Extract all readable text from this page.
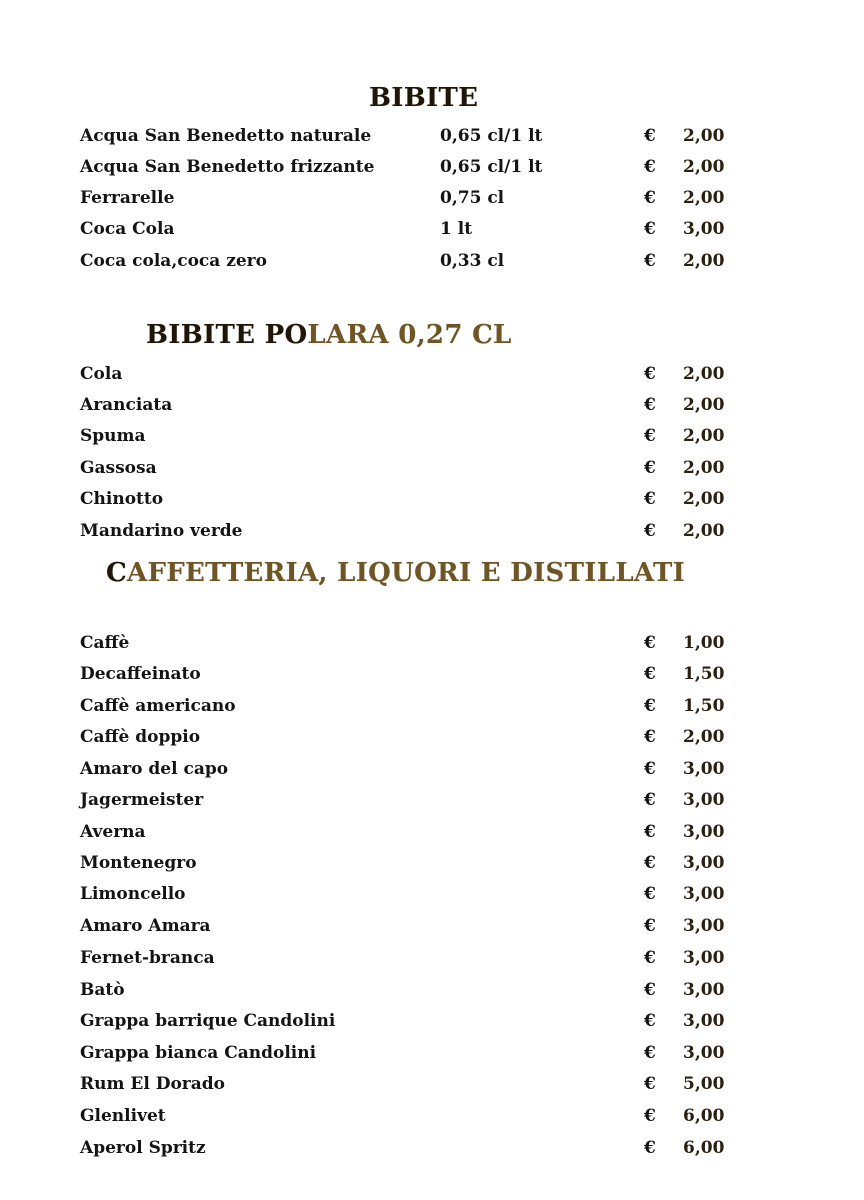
BIBITE
Acqua San Benedetto naturale	0,65 cl/1 lt	€ 2,00
Acqua San Benedetto frizzante	0,65 cl/1 lt	€ 2,00
Ferrarelle	0,75 cl	€ 2,00
Coca Cola	1 lt	€ 3,00
Coca cola,coca zero	0,33 cl	€ 2,00
BIBITE POLARA 0,27 CL
Cola	€ 2,00
Aranciata	€ 2,00
Spuma	€ 2,00
Gassosa	€ 2,00
Chinotto	€ 2,00
Mandarino verde	€ 2,00
CAFFETTERIA, LIQUORI E DISTILLATI
Caffè	€ 1,00
Decaffeinato	€ 1,50
Caffè americano	€ 1,50
Caffè doppio	€ 2,00
Amaro del capo	€ 3,00
Jagermeister	€ 3,00
Averna	€ 3,00
Montenegro	€ 3,00
Limoncello	€ 3,00
Amaro Amara	€ 3,00
Fernet-branca	€ 3,00
Batò	€ 3,00
Grappa barrique Candolini	€ 3,00
Grappa bianca Candolini	€ 3,00
Rum El Dorado	€ 5,00
Glenlivet	€ 6,00
Aperol Spritz	€ 6,00
